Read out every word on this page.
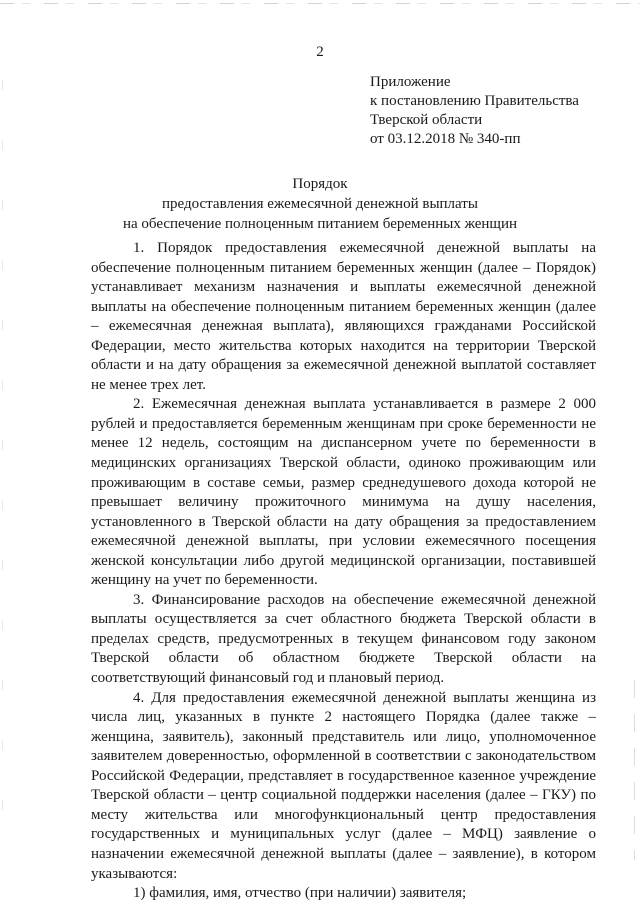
2
Приложение
к постановлению Правительства
Тверской области
от 03.12.2018 № 340-пп
Порядок
предоставления ежемесячной денежной выплаты
на обеспечение полноценным питанием беременных женщин

1. Порядок предоставления ежемесячной денежной выплаты на обеспечение полноценным питанием беременных женщин (далее – Порядок) устанавливает механизм назначения и выплаты ежемесячной денежной выплаты на обеспечение полноценным питанием беременных женщин (далее – ежемесячная денежная выплата), являющихся гражданами Российской Федерации, место жительства которых находится на территории Тверской области и на дату обращения за ежемесячной денежной выплатой составляет не менее трех лет.

2. Ежемесячная денежная выплата устанавливается в размере 2 000 рублей и предоставляется беременным женщинам при сроке беременности не менее 12 недель, состоящим на диспансерном учете по беременности в медицинских организациях Тверской области, одиноко проживающим или проживающим в составе семьи, размер среднедушевого дохода которой не превышает величину прожиточного минимума на душу населения, установленного в Тверской области на дату обращения за предоставлением ежемесячной денежной выплаты, при условии ежемесячного посещения женской консультации либо другой медицинской организации, поставившей женщину на учет по беременности.

3. Финансирование расходов на обеспечение ежемесячной денежной выплаты осуществляется за счет областного бюджета Тверской области в пределах средств, предусмотренных в текущем финансовом году законом Тверской области об областном бюджете Тверской области на соответствующий финансовый год и плановый период.

4. Для предоставления ежемесячной денежной выплаты женщина из числа лиц, указанных в пункте 2 настоящего Порядка (далее также – женщина, заявитель), законный представитель или лицо, уполномоченное заявителем доверенностью, оформленной в соответствии с законодательством Российской Федерации, представляет в государственное казенное учреждение Тверской области – центр социальной поддержки населения (далее – ГКУ) по месту жительства или многофункциональный центр предоставления государственных и муниципальных услуг (далее – МФЦ) заявление о назначении ежемесячной денежной выплаты (далее – заявление), в котором указываются:

1) фамилия, имя, отчество (при наличии) заявителя;
